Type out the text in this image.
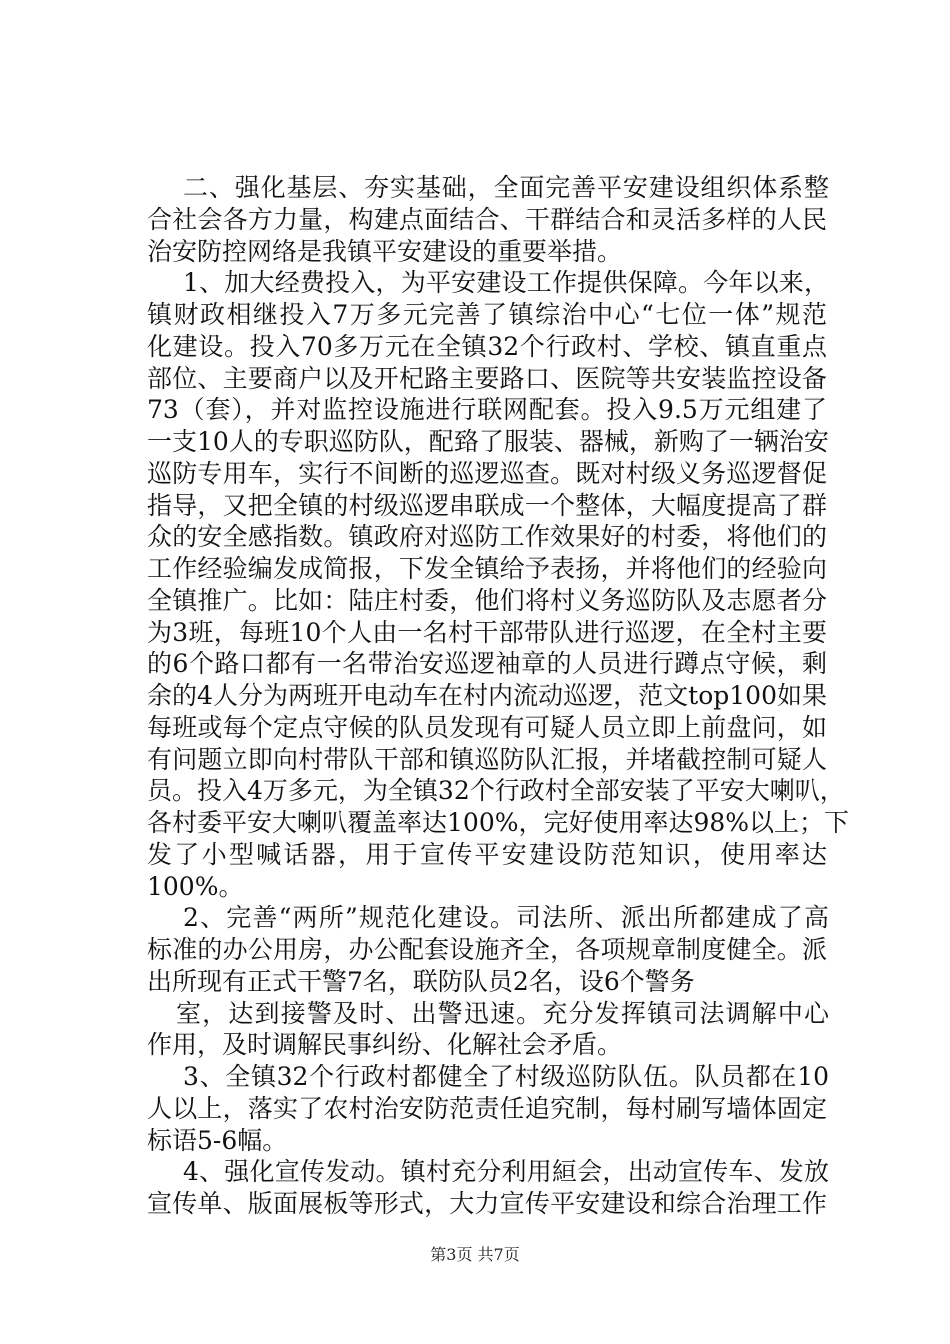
二、强化基层、夯实基础，全面完善平安建设组织体系整
合社会各方力量，构建点面结合、干群结合和灵活多样的人民
治安防控网络是我镇平安建设的重要举措。
1、加大经费投入，为平安建设工作提供保障。今年以来，
镇财政相继投入7万多元完善了镇综治中心“七位一体”规范
化建设。投入70多万元在全镇32个行政村、学校、镇直重点
部位、主要商户以及开杞路主要路口、医院等共安装监控设备
73（套），并对监控设施进行联网配套。投入9.5万元组建了
一支10人的专职巡防队，配臵了服装、器械，新购了一辆治安
巡防专用车，实行不间断的巡逻巡查。既对村级义务巡逻督促
指导，又把全镇的村级巡逻串联成一个整体，大幅度提高了群
众的安全感指数。镇政府对巡防工作效果好的村委，将他们的
工作经验编发成简报，下发全镇给予表扬，并将他们的经验向
全镇推广。比如：陆庄村委，他们将村义务巡防队及志愿者分
为3班，每班10个人由一名村干部带队进行巡逻，在全村主要
的6个路口都有一名带治安巡逻袖章的人员进行蹲点守候，剩
余的4人分为两班开电动车在村内流动巡逻，范文top100如果
每班或每个定点守候的队员发现有可疑人员立即上前盘问，如
有问题立即向村带队干部和镇巡防队汇报，并堵截控制可疑人
员。投入4万多元，为全镇32个行政村全部安装了平安大喇叭，
各村委平安大喇叭覆盖率达100%，完好使用率达98%以上；下
发了小型喊话器，用于宣传平安建设防范知识，使用率达
100%。
2、完善“两所”规范化建设。司法所、派出所都建成了高
标准的办公用房，办公配套设施齐全，各项规章制度健全。派
出所现有正式干警7名，联防队员2名，设6个警务
室，达到接警及时、出警迅速。充分发挥镇司法调解中心
作用，及时调解民事纠纷、化解社会矛盾。
3、全镇32个行政村都健全了村级巡防队伍。队员都在10
人以上，落实了农村治安防范责任追究制，每村刷写墙体固定
标语5-6幅。
4、强化宣传发动。镇村充分利用絙会，出动宣传车、发放
宣传单、版面展板等形式，大力宣传平安建设和综合治理工作
第3页 共7页
